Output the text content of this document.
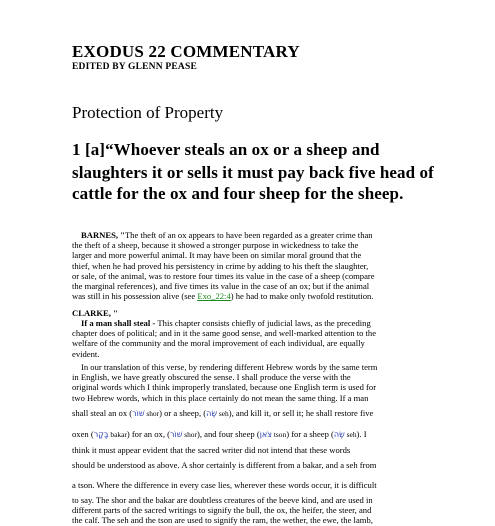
EXODUS 22 COMMENTARY
EDITED BY GLENN PEASE
Protection of Property
1 [a]“Whoever steals an ox or a sheep and
slaughters it or sells it must pay back five head of
cattle for the ox and four sheep for the sheep.
BARNES, "The theft of an ox appears to have been regarded as a greater crime than
the theft of a sheep, because it showed a stronger purpose in wickedness to take the
larger and more powerful animal. It may have been on similar moral ground that the
thief, when he had proved his persistency in crime by adding to his theft the slaughter,
or sale, of the animal, was to restore four times its value in the case of a sheep (compare
the marginal references), and five times its value in the case of an ox; but if the animal
was still in his possession alive (see Exo_22:4) he had to make only twofold restitution.
CLARKE, "
If a man shall steal - This chapter consists chiefly of judicial laws, as the preceding
chapter does of political; and in it the same good sense, and well-marked attention to the
welfare of the community and the moral improvement of each individual, are equally
evident.
In our translation of this verse, by rendering different Hebrew words by the same term
in English, we have greatly obscured the sense. I shall produce the verse with the
original words which I think improperly translated, because one English term is used for
two Hebrew words, which in this place certainly do not mean the same thing. If a man
shall steal an ox (שׁוֹר shor) or a sheep, (שֶׂה seh), and kill it, or sell it; he shall restore five
oxen (בָּקָר bakar) for an ox, (שׁוֹר shor), and four sheep (צֹאן tson) for a sheep (שֶׂה seh). I
think it must appear evident that the sacred writer did not intend that these words
should be understood as above. A shor certainly is different from a bakar, and a seh from
a tson. Where the difference in every case lies, wherever these words occur, it is difficult
to say. The shor and the bakar are doubtless creatures of the beeve kind, and are used in
different parts of the sacred writings to signify the bull, the ox, the heifer, the steer, and
the calf. The seh and the tson are used to signify the ram, the wether, the ewe, the lamb,
